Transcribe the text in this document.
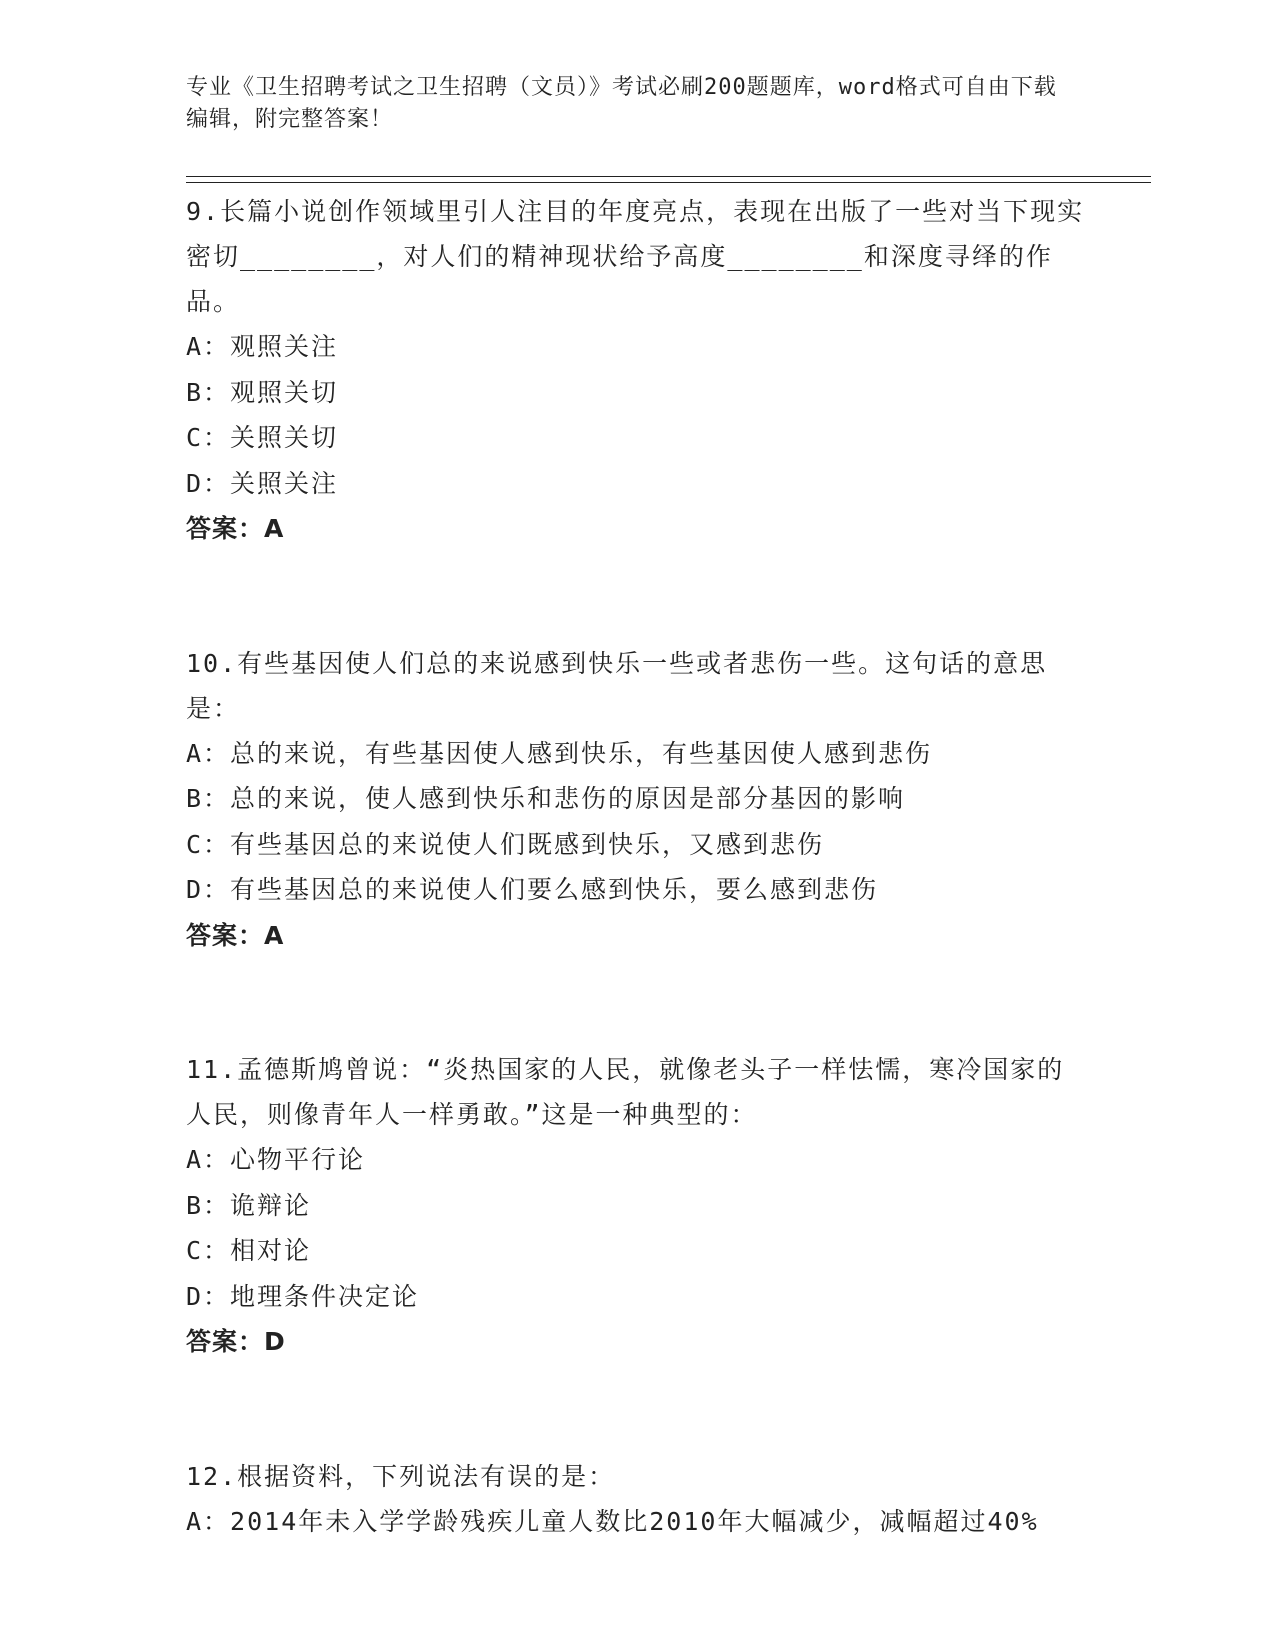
专业《卫生招聘考试之卫生招聘（文员）》考试必刷200题题库，word格式可自由下载编辑，附完整答案！
9.长篇小说创作领域里引人注目的年度亮点，表现在出版了一些对当下现实密切________，对人们的精神现状给予高度________和深度寻绎的作品。
A：观照关注
B：观照关切
C：关照关切
D：关照关注
答案：A
10.有些基因使人们总的来说感到快乐一些或者悲伤一些。这句话的意思是：
A：总的来说，有些基因使人感到快乐，有些基因使人感到悲伤
B：总的来说，使人感到快乐和悲伤的原因是部分基因的影响
C：有些基因总的来说使人们既感到快乐，又感到悲伤
D：有些基因总的来说使人们要么感到快乐，要么感到悲伤
答案：A
11.孟德斯鸠曾说：“炎热国家的人民，就像老头子一样怯懦，寒冷国家的人民，则像青年人一样勇敢。”这是一种典型的：
A：心物平行论
B：诡辩论
C：相对论
D：地理条件决定论
答案：D
12.根据资料，下列说法有误的是：
A：2014年未入学学龄残疾儿童人数比2010年大幅减少，减幅超过40%
